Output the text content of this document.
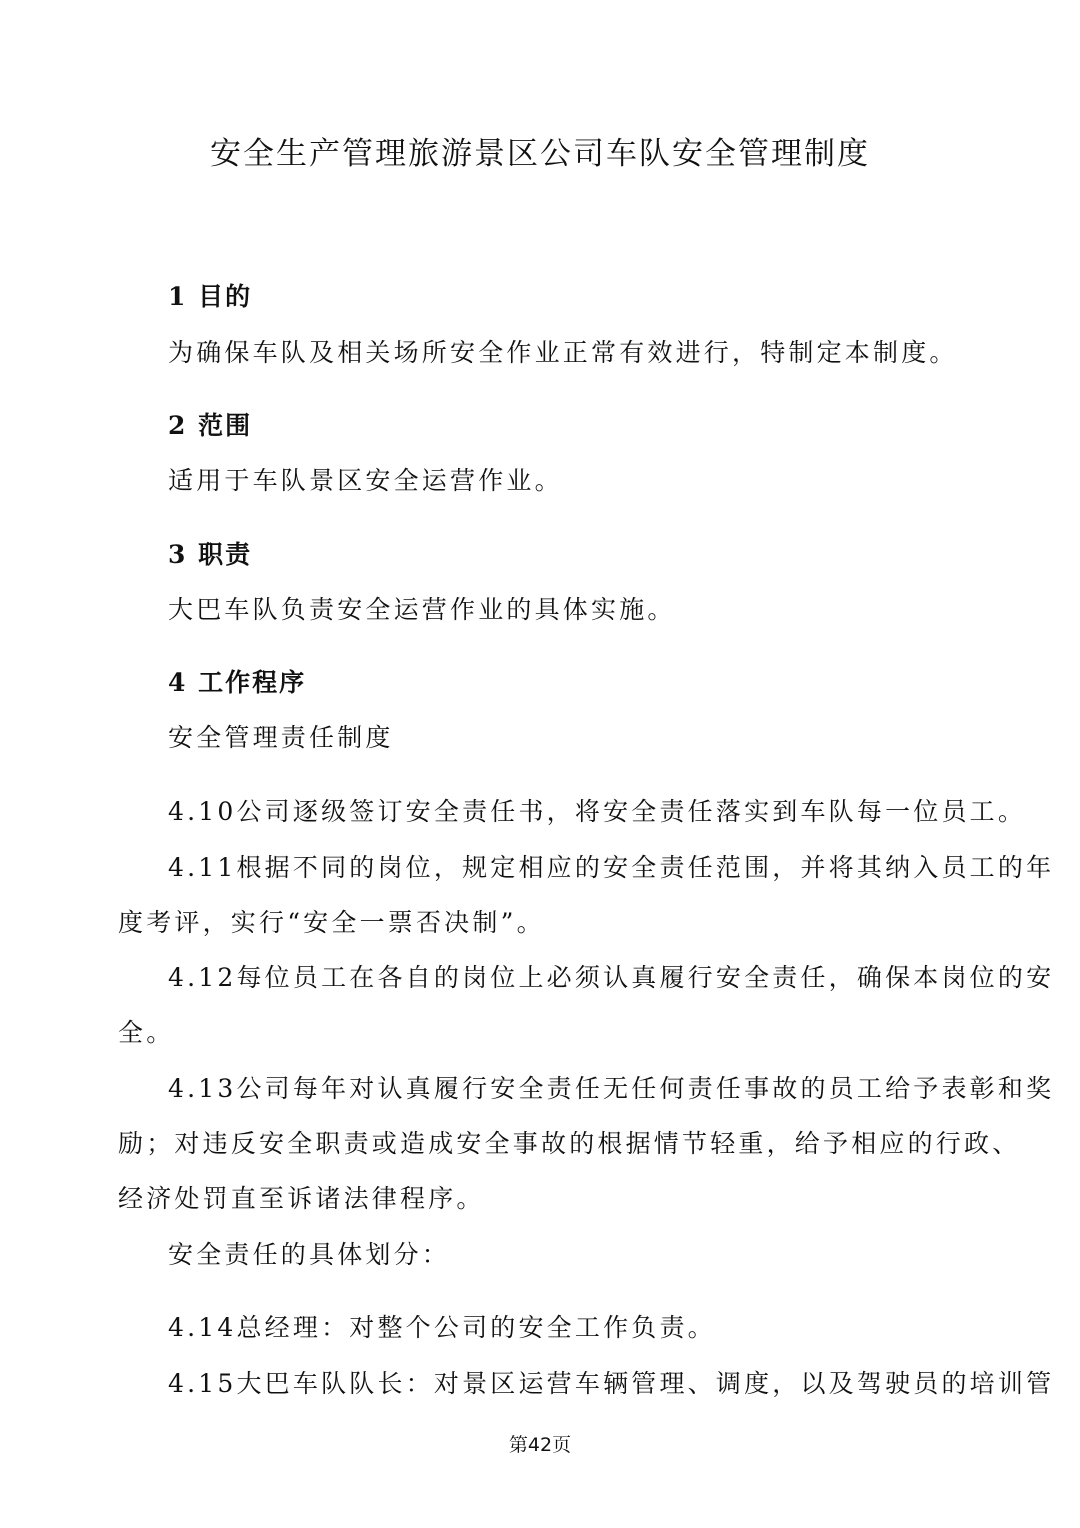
安全生产管理旅游景区公司车队安全管理制度
1 目的
为确保车队及相关场所安全作业正常有效进行，特制定本制度。
2 范围
适用于车队景区安全运营作业。
3 职责
大巴车队负责安全运营作业的具体实施。
4 工作程序
安全管理责任制度
4.10公司逐级签订安全责任书，将安全责任落实到车队每一位员工。
4.11根据不同的岗位，规定相应的安全责任范围，并将其纳入员工的年
度考评，实行“安全一票否决制”。
4.12每位员工在各自的岗位上必须认真履行安全责任，确保本岗位的安
全。
4.13公司每年对认真履行安全责任无任何责任事故的员工给予表彰和奖
励；对违反安全职责或造成安全事故的根据情节轻重，给予相应的行政、
经济处罚直至诉诸法律程序。
安全责任的具体划分：
4.14总经理：对整个公司的安全工作负责。
4.15大巴车队队长：对景区运营车辆管理、调度，以及驾驶员的培训管
第42页
